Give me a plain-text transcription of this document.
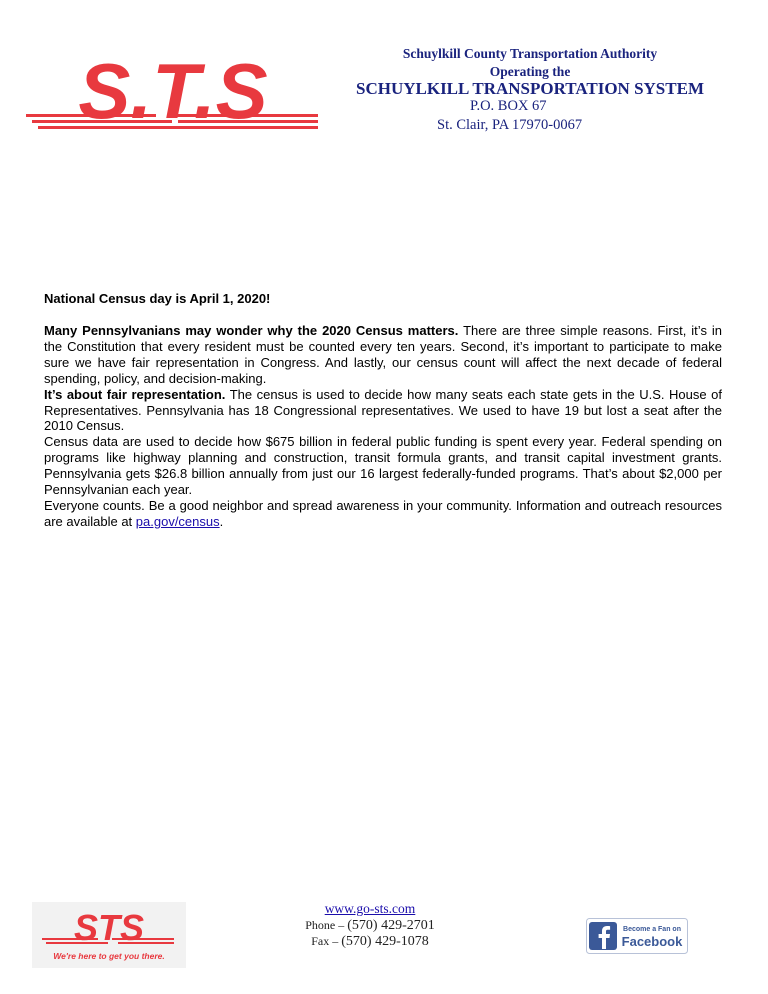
S.T.S	Schuylkill County Transportation Authority
Operating the
SCHUYLKILL TRANSPORTATION SYSTEM
P.O. BOX 67
St. Clair, PA 17970-0067
National Census day is April 1, 2020!

Many Pennsylvanians may wonder why the 2020 Census matters. There are three simple reasons. First, it’s in the Constitution that every resident must be counted every ten years. Second, it’s important to participate to make sure we have fair representation in Congress. And lastly, our census count will affect the next decade of federal spending, policy, and decision-making.

It’s about fair representation. The census is used to decide how many seats each state gets in the U.S. House of Representatives. Pennsylvania has 18 Congressional representatives. We used to have 19 but lost a seat after the 2010 Census.

Census data are used to decide how $675 billion in federal public funding is spent every year. Federal spending on programs like highway planning and construction, transit formula grants, and transit capital investment grants. Pennsylvania gets $26.8 billion annually from just our 16 largest federally-funded programs. That’s about $2,000 per Pennsylvanian each year.

Everyone counts. Be a good neighbor and spread awareness in your community. Information and outreach resources are available at pa.gov/census.

STS
We're here to get you there.
www.go-sts.com
Phone – (570) 429-2701
Fax – (570) 429-1078
Become a Fan on
Facebook
